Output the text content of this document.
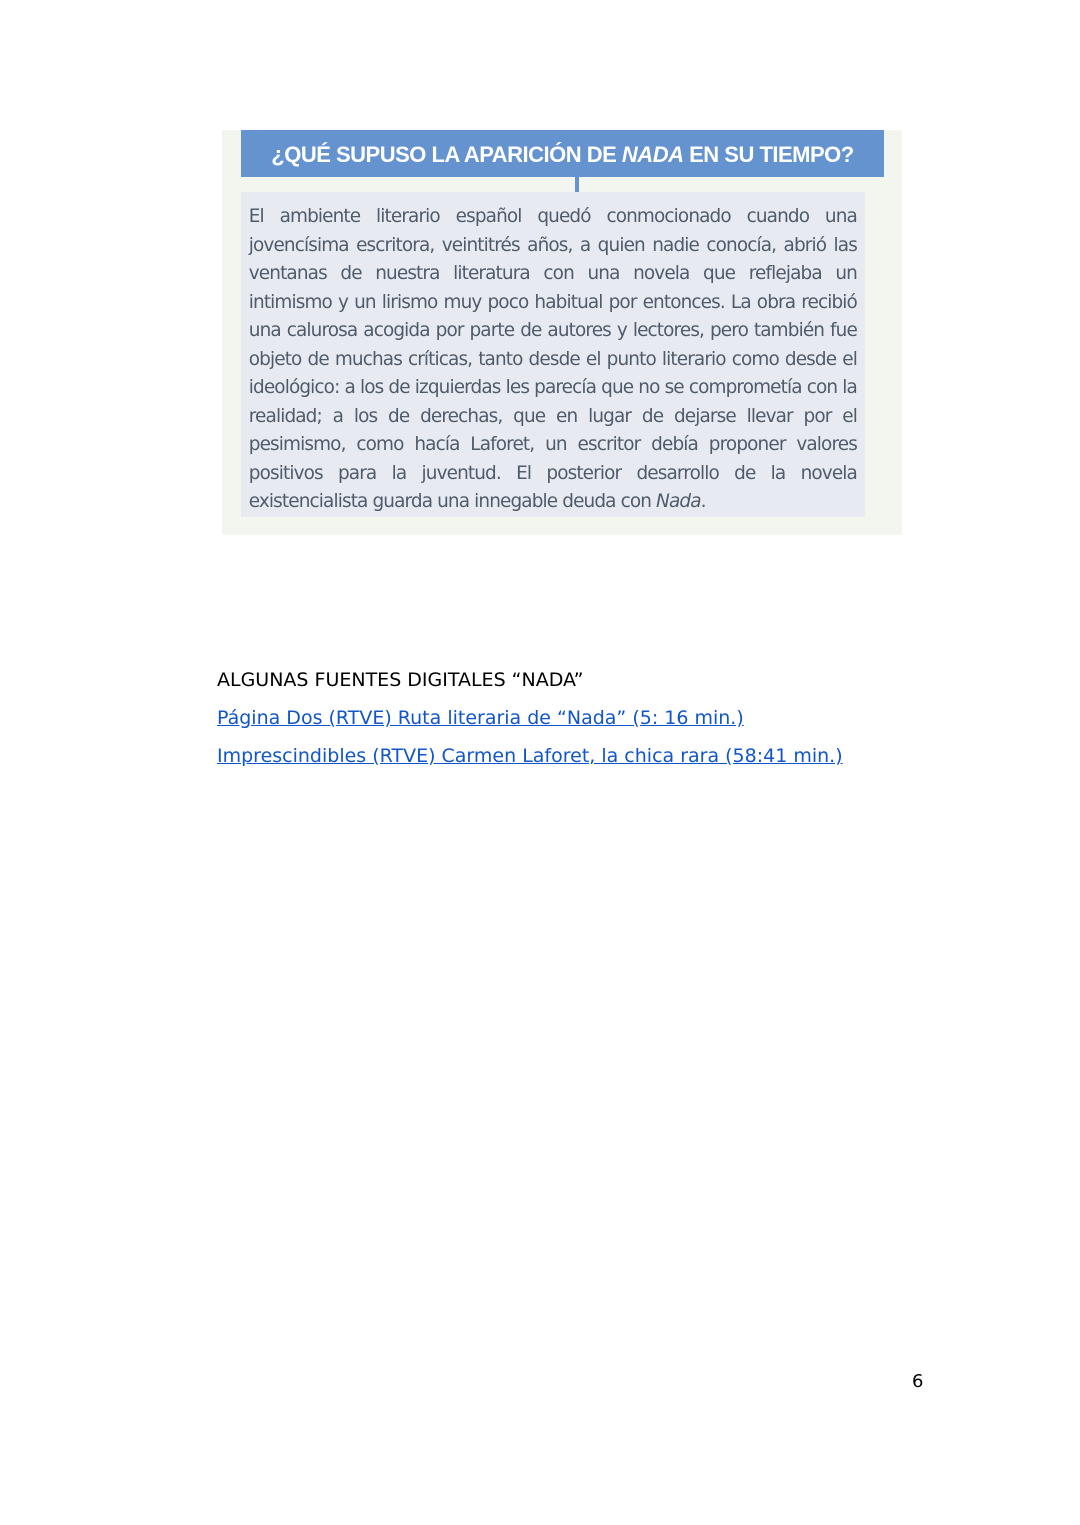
¿QUÉ SUPUSO LA APARICIÓN DE NADA EN SU TIEMPO?
El ambiente literario español quedó conmocionado cuando una jovencísima escritora, veintitrés años, a quien nadie conocía, abrió las ventanas de nuestra literatura con una novela que reflejaba un intimismo y un lirismo muy poco habitual por entonces. La obra recibió una calurosa acogida por parte de autores y lectores, pero también fue objeto de muchas críticas, tanto desde el punto literario como desde el ideológico: a los de izquierdas les parecía que no se comprometía con la realidad; a los de derechas, que en lugar de dejarse llevar por el pesimismo, como hacía Laforet, un escritor debía proponer valores positivos para la juventud. El posterior desarrollo de la novela existencialista guarda una innegable deuda con Nada.
ALGUNAS FUENTES DIGITALES “NADA”
Página Dos (RTVE) Ruta literaria de “Nada” (5: 16 min.)
Imprescindibles (RTVE) Carmen Laforet, la chica rara (58:41 min.)
6
